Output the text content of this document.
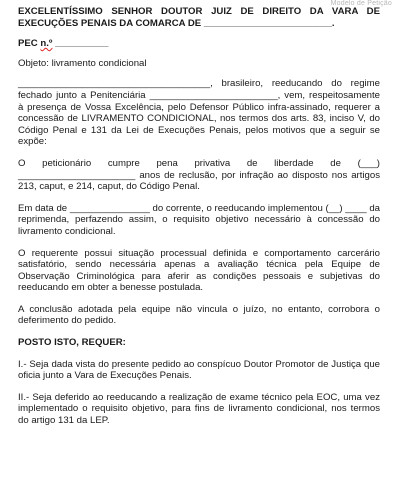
Modelo de Petição
EXCELENTÍSSIMO SENHOR DOUTOR JUIZ DE DIREITO DA VARA DE EXECUÇÕES PENAIS DA COMARCA DE ________________________.
PEC n.º __________
Objeto: livramento condicional
____________________________________, brasileiro, reeducando do regime fechado junto a Penitenciária ________________________, vem, respeitosamente à presença de Vossa Excelência, pelo Defensor Público infra-assinado, requerer a concessão de LIVRAMENTO CONDICIONAL, nos termos dos arts. 83, inciso V, do Código Penal e 131 da Lei de Execuções Penais, pelos motivos que a seguir se expõe:
O peticionário cumpre pena privativa de liberdade de (___) ______________________ anos de reclusão, por infração ao disposto nos artigos 213, caput, e 214, caput, do Código Penal.
Em data de _______________ do corrente, o reeducando implementou (__) ____ da reprimenda, perfazendo assim, o requisito objetivo necessário à concessão do livramento condicional.
O requerente possui situação processual definida e comportamento carcerário satisfatório, sendo necessária apenas a avaliação técnica pela Equipe de Observação Criminológica para aferir as condições pessoais e subjetivas do reeducando em obter a benesse postulada.
A conclusão adotada pela equipe não vincula o juízo, no entanto, corrobora o deferimento do pedido.
POSTO ISTO, REQUER:
I.- Seja dada vista do presente pedido ao conspícuo Doutor Promotor de Justiça que oficia junto a Vara de Execuções Penais.
II.- Seja deferido ao reeducando a realização de exame técnico pela EOC, uma vez implementado o requisito objetivo, para fins de livramento condicional, nos termos do artigo 131 da LEP.
